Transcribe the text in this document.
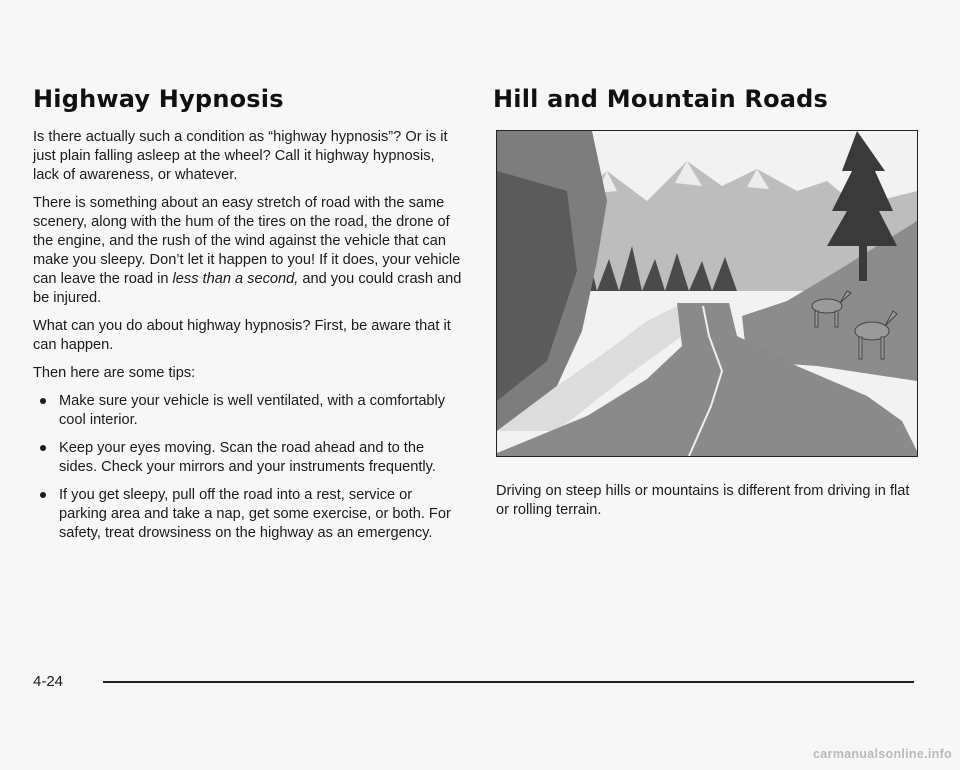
Highway Hypnosis	Hill and Mountain Roads

Is there actually such a condition as “highway hypnosis”? Or is it just plain falling asleep at the wheel? Call it highway hypnosis, lack of awareness, or whatever.

There is something about an easy stretch of road with the same scenery, along with the hum of the tires on the road, the drone of the engine, and the rush of the wind against the vehicle that can make you sleepy. Don’t let it happen to you! If it does, your vehicle can leave the road in less than a second, and you could crash and be injured.

What can you do about highway hypnosis? First, be aware that it can happen.

Then here are some tips:

Make sure your vehicle is well ventilated, with a comfortably cool interior.
Keep your eyes moving. Scan the road ahead and to the sides. Check your mirrors and your instruments frequently.
If you get sleepy, pull off the road into a rest, service or parking area and take a nap, get some exercise, or both. For safety, treat drowsiness on the highway as an emergency.

Driving on steep hills or mountains is different from driving in flat or rolling terrain.

4-24
carmanualsonline.info
